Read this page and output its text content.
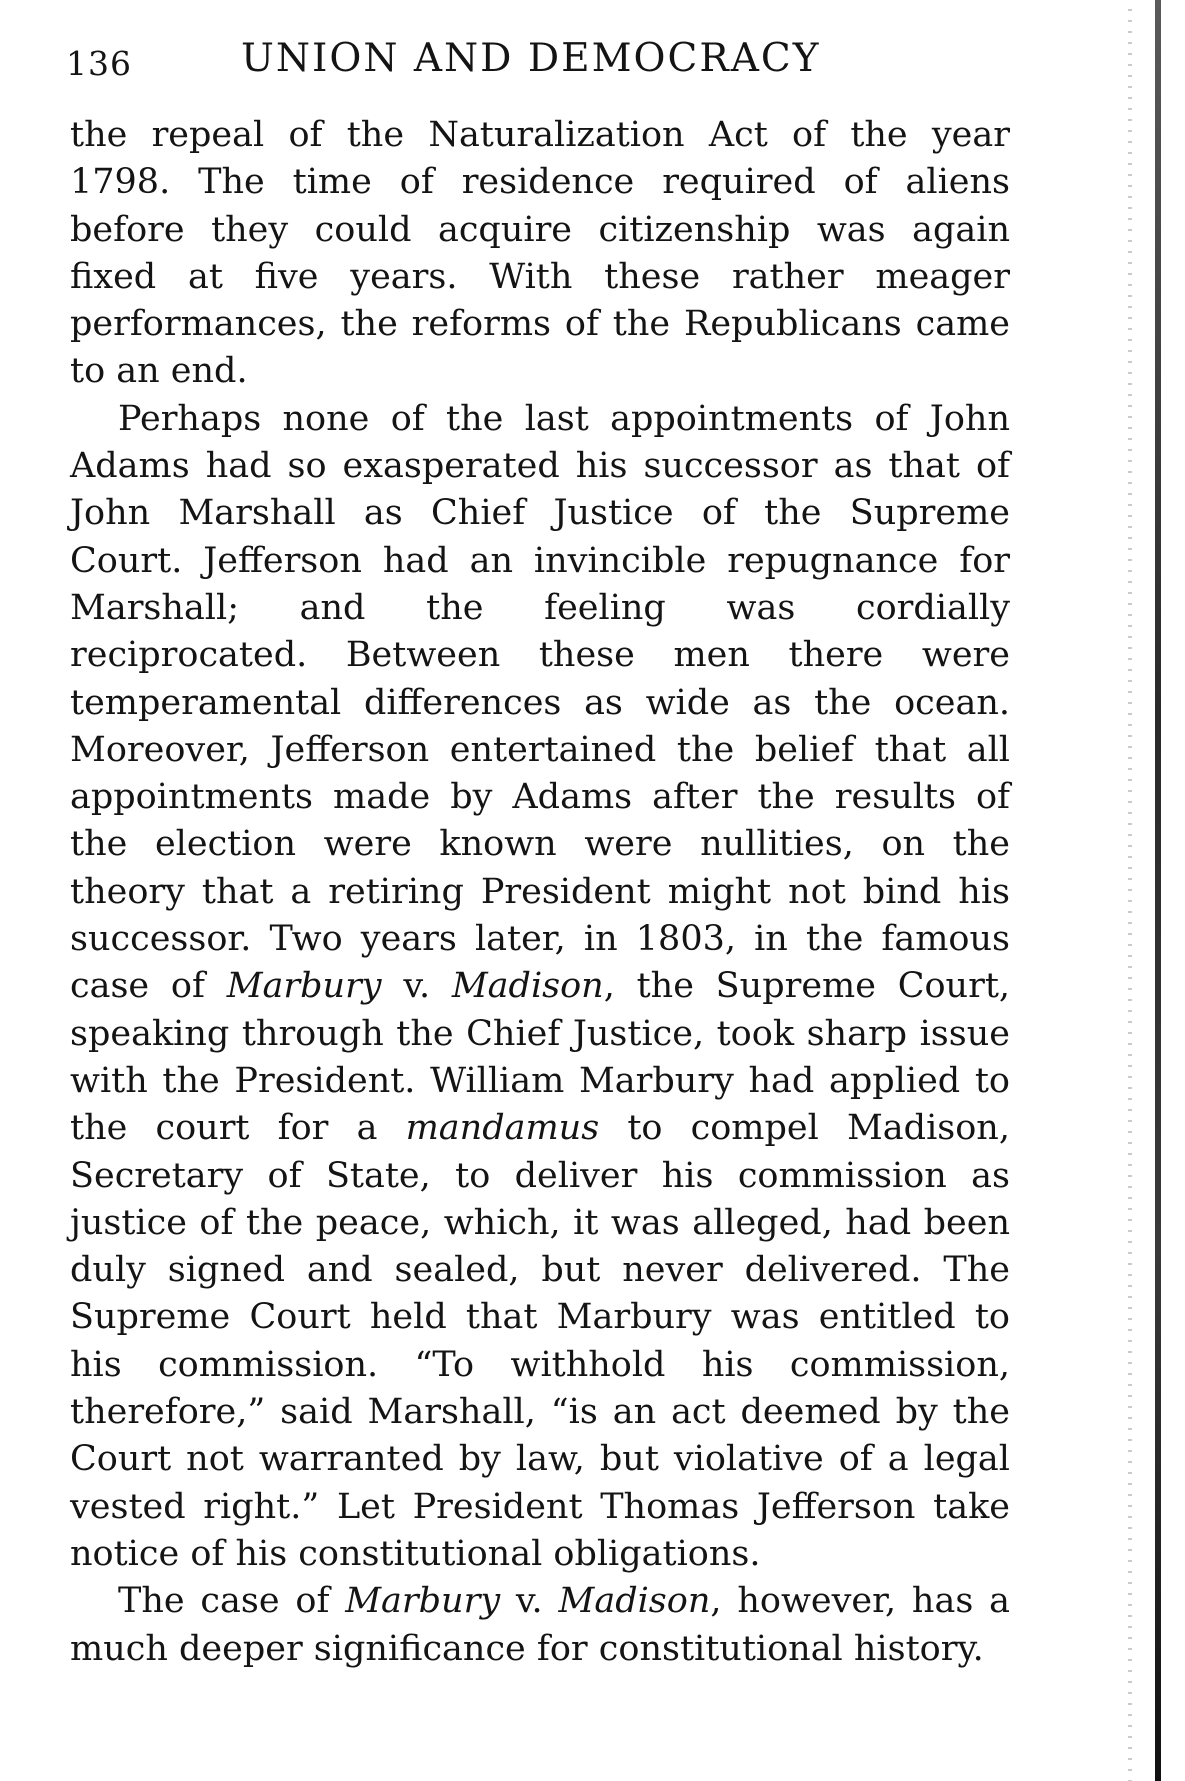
136	UNION AND DEMOCRACY

the repeal of the Naturalization Act of the year 1798. The time of residence required of aliens before they could acquire citizenship was again fixed at five years. With these rather meager performances, the reforms of the Republicans came to an end.

Perhaps none of the last appointments of John Adams had so exasperated his successor as that of John Marshall as Chief Justice of the Supreme Court. Jefferson had an invincible repugnance for Marshall; and the feeling was cordially reciprocated. Between these men there were temperamental differences as wide as the ocean. Moreover, Jefferson entertained the belief that all appointments made by Adams after the results of the election were known were nullities, on the theory that a retiring President might not bind his successor. Two years later, in 1803, in the famous case of Marbury v. Madison, the Supreme Court, speaking through the Chief Justice, took sharp issue with the President. William Marbury had applied to the court for a mandamus to compel Madison, Secretary of State, to deliver his commission as justice of the peace, which, it was alleged, had been duly signed and sealed, but never delivered. The Supreme Court held that Marbury was entitled to his commission. “To withhold his commission, therefore,” said Marshall, “is an act deemed by the Court not warranted by law, but violative of a legal vested right.” Let President Thomas Jefferson take notice of his constitutional obligations.

The case of Marbury v. Madison, however, has a much deeper significance for constitutional history.
